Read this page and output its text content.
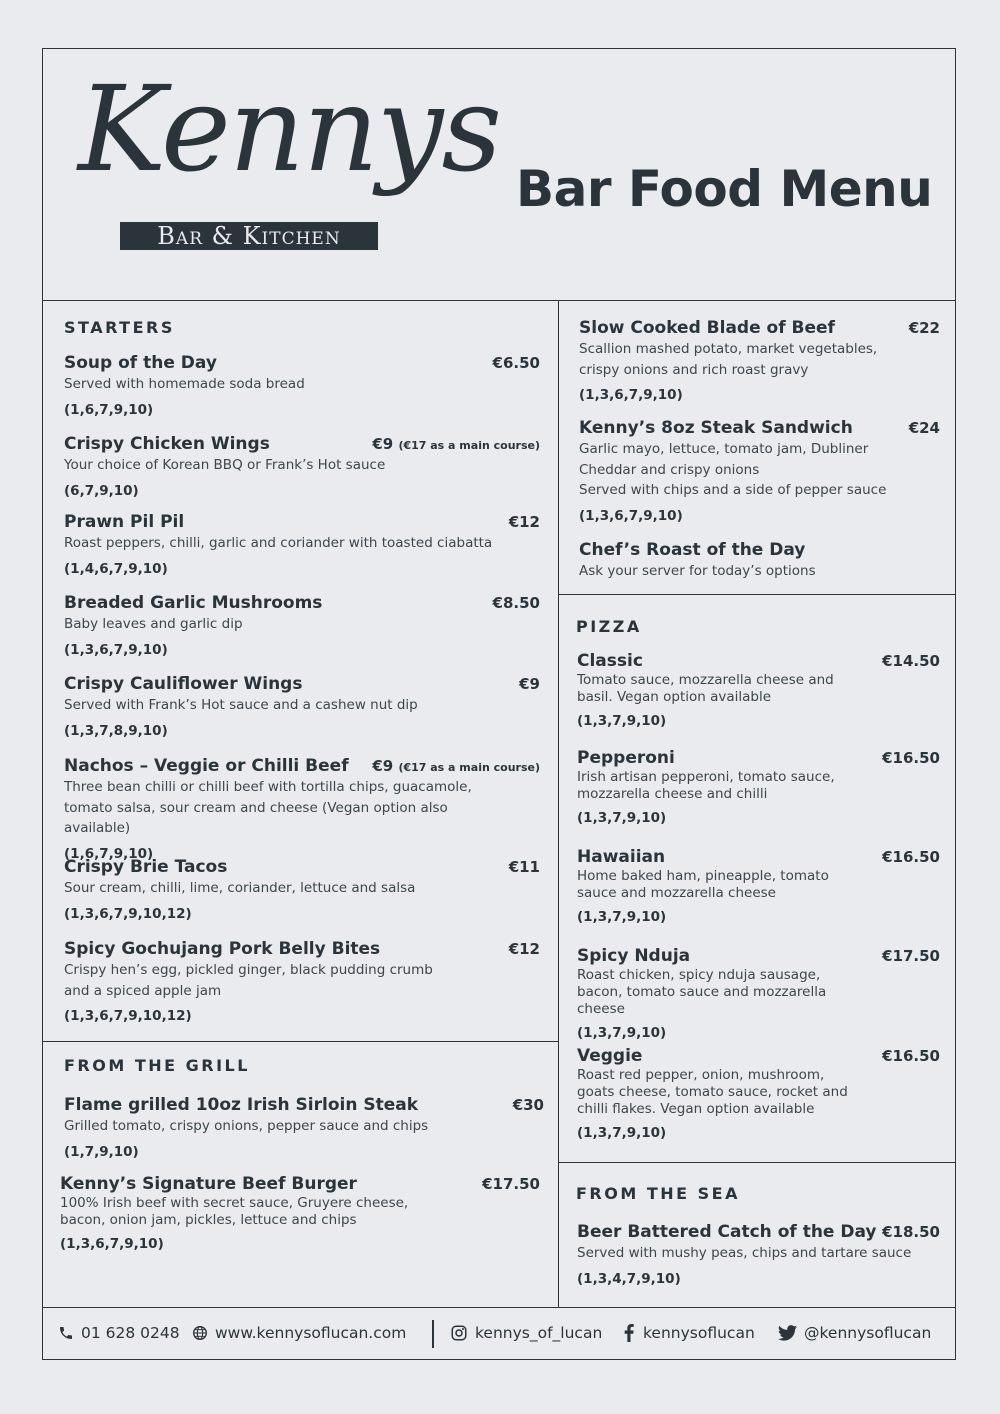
Kennys
Bar & Kitchen
Bar Food Menu
STARTERS
Soup of the Day	€6.50
Served with homemade soda bread
(1,6,7,9,10)
Crispy Chicken Wings	€9 (€17 as a main course)
Your choice of Korean BBQ or Frank’s Hot sauce
(6,7,9,10)
Prawn Pil Pil	€12
Roast peppers, chilli, garlic and coriander with toasted ciabatta
(1,4,6,7,9,10)
Breaded Garlic Mushrooms	€8.50
Baby leaves and garlic dip
(1,3,6,7,9,10)
Crispy Cauliflower Wings	€9
Served with Frank’s Hot sauce and a cashew nut dip
(1,3,7,8,9,10)
Nachos – Veggie or Chilli Beef	€9 (€17 as a main course)
Three bean chilli or chilli beef with tortilla chips, guacamole, tomato salsa, sour cream and cheese (Vegan option also available)
(1,6,7,9,10)
Crispy Brie Tacos	€11
Sour cream, chilli, lime, coriander, lettuce and salsa
(1,3,6,7,9,10,12)
Spicy Gochujang Pork Belly Bites	€12
Crispy hen’s egg, pickled ginger, black pudding crumb and a spiced apple jam
(1,3,6,7,9,10,12)
FROM THE GRILL
Flame grilled 10oz Irish Sirloin Steak	€30
Grilled tomato, crispy onions, pepper sauce and chips
(1,7,9,10)
Kenny’s Signature Beef Burger	€17.50
100% Irish beef with secret sauce, Gruyere cheese, bacon, onion jam, pickles, lettuce and chips
(1,3,6,7,9,10)
Slow Cooked Blade of Beef	€22
Scallion mashed potato, market vegetables, crispy onions and rich roast gravy
(1,3,6,7,9,10)
Kenny’s 8oz Steak Sandwich	€24
Garlic mayo, lettuce, tomato jam, Dubliner Cheddar and crispy onions
Served with chips and a side of pepper sauce
(1,3,6,7,9,10)
Chef’s Roast of the Day
Ask your server for today’s options
PIZZA
Classic	€14.50
Tomato sauce, mozzarella cheese and basil. Vegan option available
(1,3,7,9,10)
Pepperoni	€16.50
Irish artisan pepperoni, tomato sauce, mozzarella cheese and chilli
(1,3,7,9,10)
Hawaiian	€16.50
Home baked ham, pineapple, tomato sauce and mozzarella cheese
(1,3,7,9,10)
Spicy Nduja	€17.50
Roast chicken, spicy nduja sausage, bacon, tomato sauce and mozzarella cheese
(1,3,7,9,10)
Veggie	€16.50
Roast red pepper, onion, mushroom, goats cheese, tomato sauce, rocket and chilli flakes. Vegan option available
(1,3,7,9,10)
FROM THE SEA
Beer Battered Catch of the Day €18.50
Served with mushy peas, chips and tartare sauce
(1,3,4,7,9,10)
01 628 0248 www.kennysoflucan.com	kennys_of_lucan	kennysoflucan	@kennysoflucan
